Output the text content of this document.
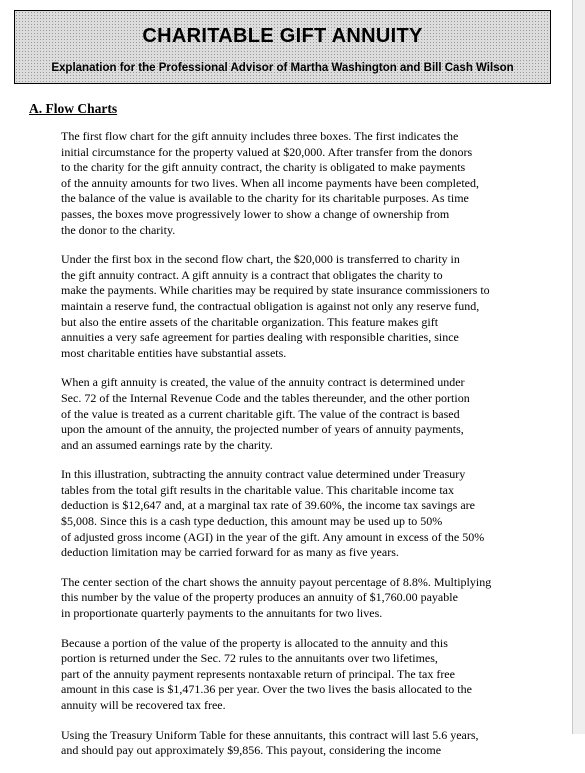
CHARITABLE GIFT ANNUITY
Explanation for the Professional Advisor of Martha Washington and Bill Cash Wilson
A. Flow Charts
The first flow chart for the gift annuity includes three boxes. The first indicates the
initial circumstance for the property valued at $20,000. After transfer from the donors
to the charity for the gift annuity contract, the charity is obligated to make payments
of the annuity amounts for two lives. When all income payments have been completed,
the balance of the value is available to the charity for its charitable purposes. As time
passes, the boxes move progressively lower to show a change of ownership from
the donor to the charity.
Under the first box in the second flow chart, the $20,000 is transferred to charity in
the gift annuity contract. A gift annuity is a contract that obligates the charity to
make the payments. While charities may be required by state insurance commissioners to
maintain a reserve fund, the contractual obligation is against not only any reserve fund,
but also the entire assets of the charitable organization. This feature makes gift
annuities a very safe agreement for parties dealing with responsible charities, since
most charitable entities have substantial assets.
When a gift annuity is created, the value of the annuity contract is determined under
Sec. 72 of the Internal Revenue Code and the tables thereunder, and the other portion
of the value is treated as a current charitable gift. The value of the contract is based
upon the amount of the annuity, the projected number of years of annuity payments,
and an assumed earnings rate by the charity.
In this illustration, subtracting the annuity contract value determined under Treasury
tables from the total gift results in the charitable value. This charitable income tax
deduction is $12,647 and, at a marginal tax rate of 39.60%, the income tax savings are
$5,008. Since this is a cash type deduction, this amount may be used up to 50%
of adjusted gross income (AGI) in the year of the gift. Any amount in excess of the 50%
deduction limitation may be carried forward for as many as five years.
The center section of the chart shows the annuity payout percentage of 8.8%. Multiplying
this number by the value of the property produces an annuity of $1,760.00 payable
in proportionate quarterly payments to the annuitants for two lives.
Because a portion of the value of the property is allocated to the annuity and this
portion is returned under the Sec. 72 rules to the annuitants over two lifetimes,
part of the annuity payment represents nontaxable return of principal. The tax free
amount in this case is $1,471.36 per year. Over the two lives the basis allocated to the
annuity will be recovered tax free.
Using the Treasury Uniform Table for these annuitants, this contract will last 5.6 years,
and should pay out approximately $9,856. This payout, considering the income
